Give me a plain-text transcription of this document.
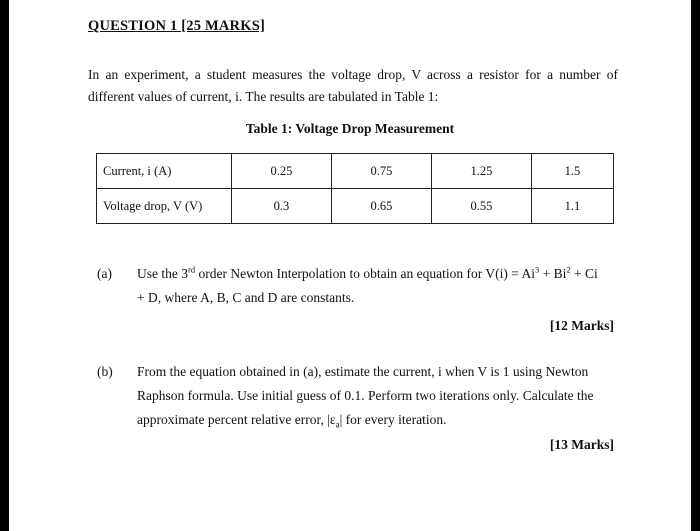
QUESTION 1 [25 MARKS]
In an experiment, a student measures the voltage drop, V across a resistor for a number of different values of current, i. The results are tabulated in Table 1:
Table 1: Voltage Drop Measurement
Current, i (A)	0.25	0.75	1.25	1.5
Voltage drop, V (V)	0.3	0.65	0.55	1.1
(a) Use the 3rd order Newton Interpolation to obtain an equation for $V(i) = Ai^3 + Bi^2 + Ci$
+ D, where A, B, C and D are constants.
[12 Marks]
(b) From the equation obtained in (a), estimate the current, i when V is 1 using Newton
Raphson formula. Use initial guess of 0.1. Perform two iterations only. Calculate the
approximate percent relative error, $|\varepsilon_a|$ for every iteration.
[13 Marks]
